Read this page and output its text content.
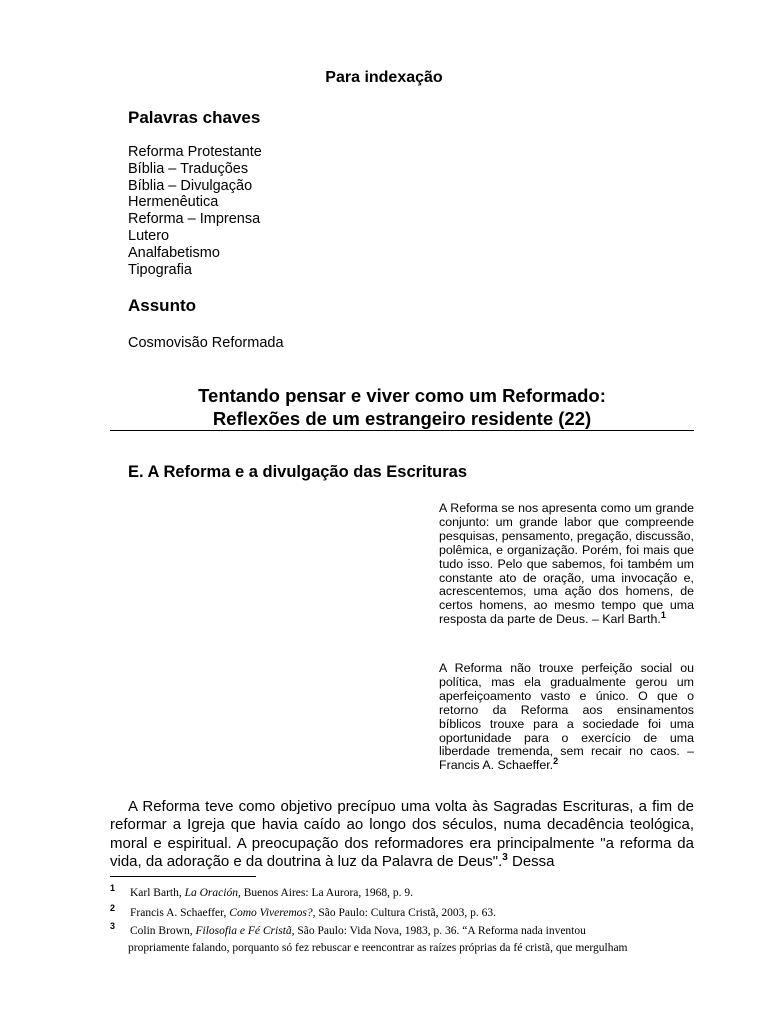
Para indexação
Palavras chaves
Reforma Protestante
Bíblia – Traduções
Bíblia – Divulgação
Hermenêutica
Reforma – Imprensa
Lutero
Analfabetismo
Tipografia
Assunto
Cosmovisão Reformada
Tentando pensar e viver como um Reformado:
Reflexões de um estrangeiro residente (22)
E. A Reforma e a divulgação das Escrituras
A Reforma se nos apresenta como um grande conjunto: um grande labor que compreende pesquisas, pensamento, pregação, discussão, polêmica, e organização. Porém, foi mais que tudo isso. Pelo que sabemos, foi também um constante ato de oração, uma invocação e, acrescentemos, uma ação dos homens, de certos homens, ao mesmo tempo que uma resposta da parte de Deus. – Karl Barth.$^1$
A Reforma não trouxe perfeição social ou política, mas ela gradualmente gerou um aperfeiçoamento vasto e único. O que o retorno da Reforma aos ensinamentos bíblicos trouxe para a sociedade foi uma oportunidade para o exercício de uma liberdade tremenda, sem recair no caos. – Francis A. Schaeffer.$^2$

A Reforma teve como objetivo precípuo uma volta às Sagradas Escrituras, a fim de reformar a Igreja que havia caído ao longo dos séculos, numa decadência teológica, moral e espiritual. A preocupação dos reformadores era principalmente "a reforma da vida, da adoração e da doutrina à luz da Palavra de Deus".$^3$ Dessa

1	Karl Barth, La Oración, Buenos Aires: La Aurora, 1968, p. 9.
2	Francis A. Schaeffer, Como Viveremos?, São Paulo: Cultura Cristã, 2003, p. 63.
3	Colin Brown, Filosofia e Fé Cristã, São Paulo: Vida Nova, 1983, p. 36. “A Reforma nada inventou
propriamente falando, porquanto só fez rebuscar e reencontrar as raízes próprias da fé cristã, que mergulham
